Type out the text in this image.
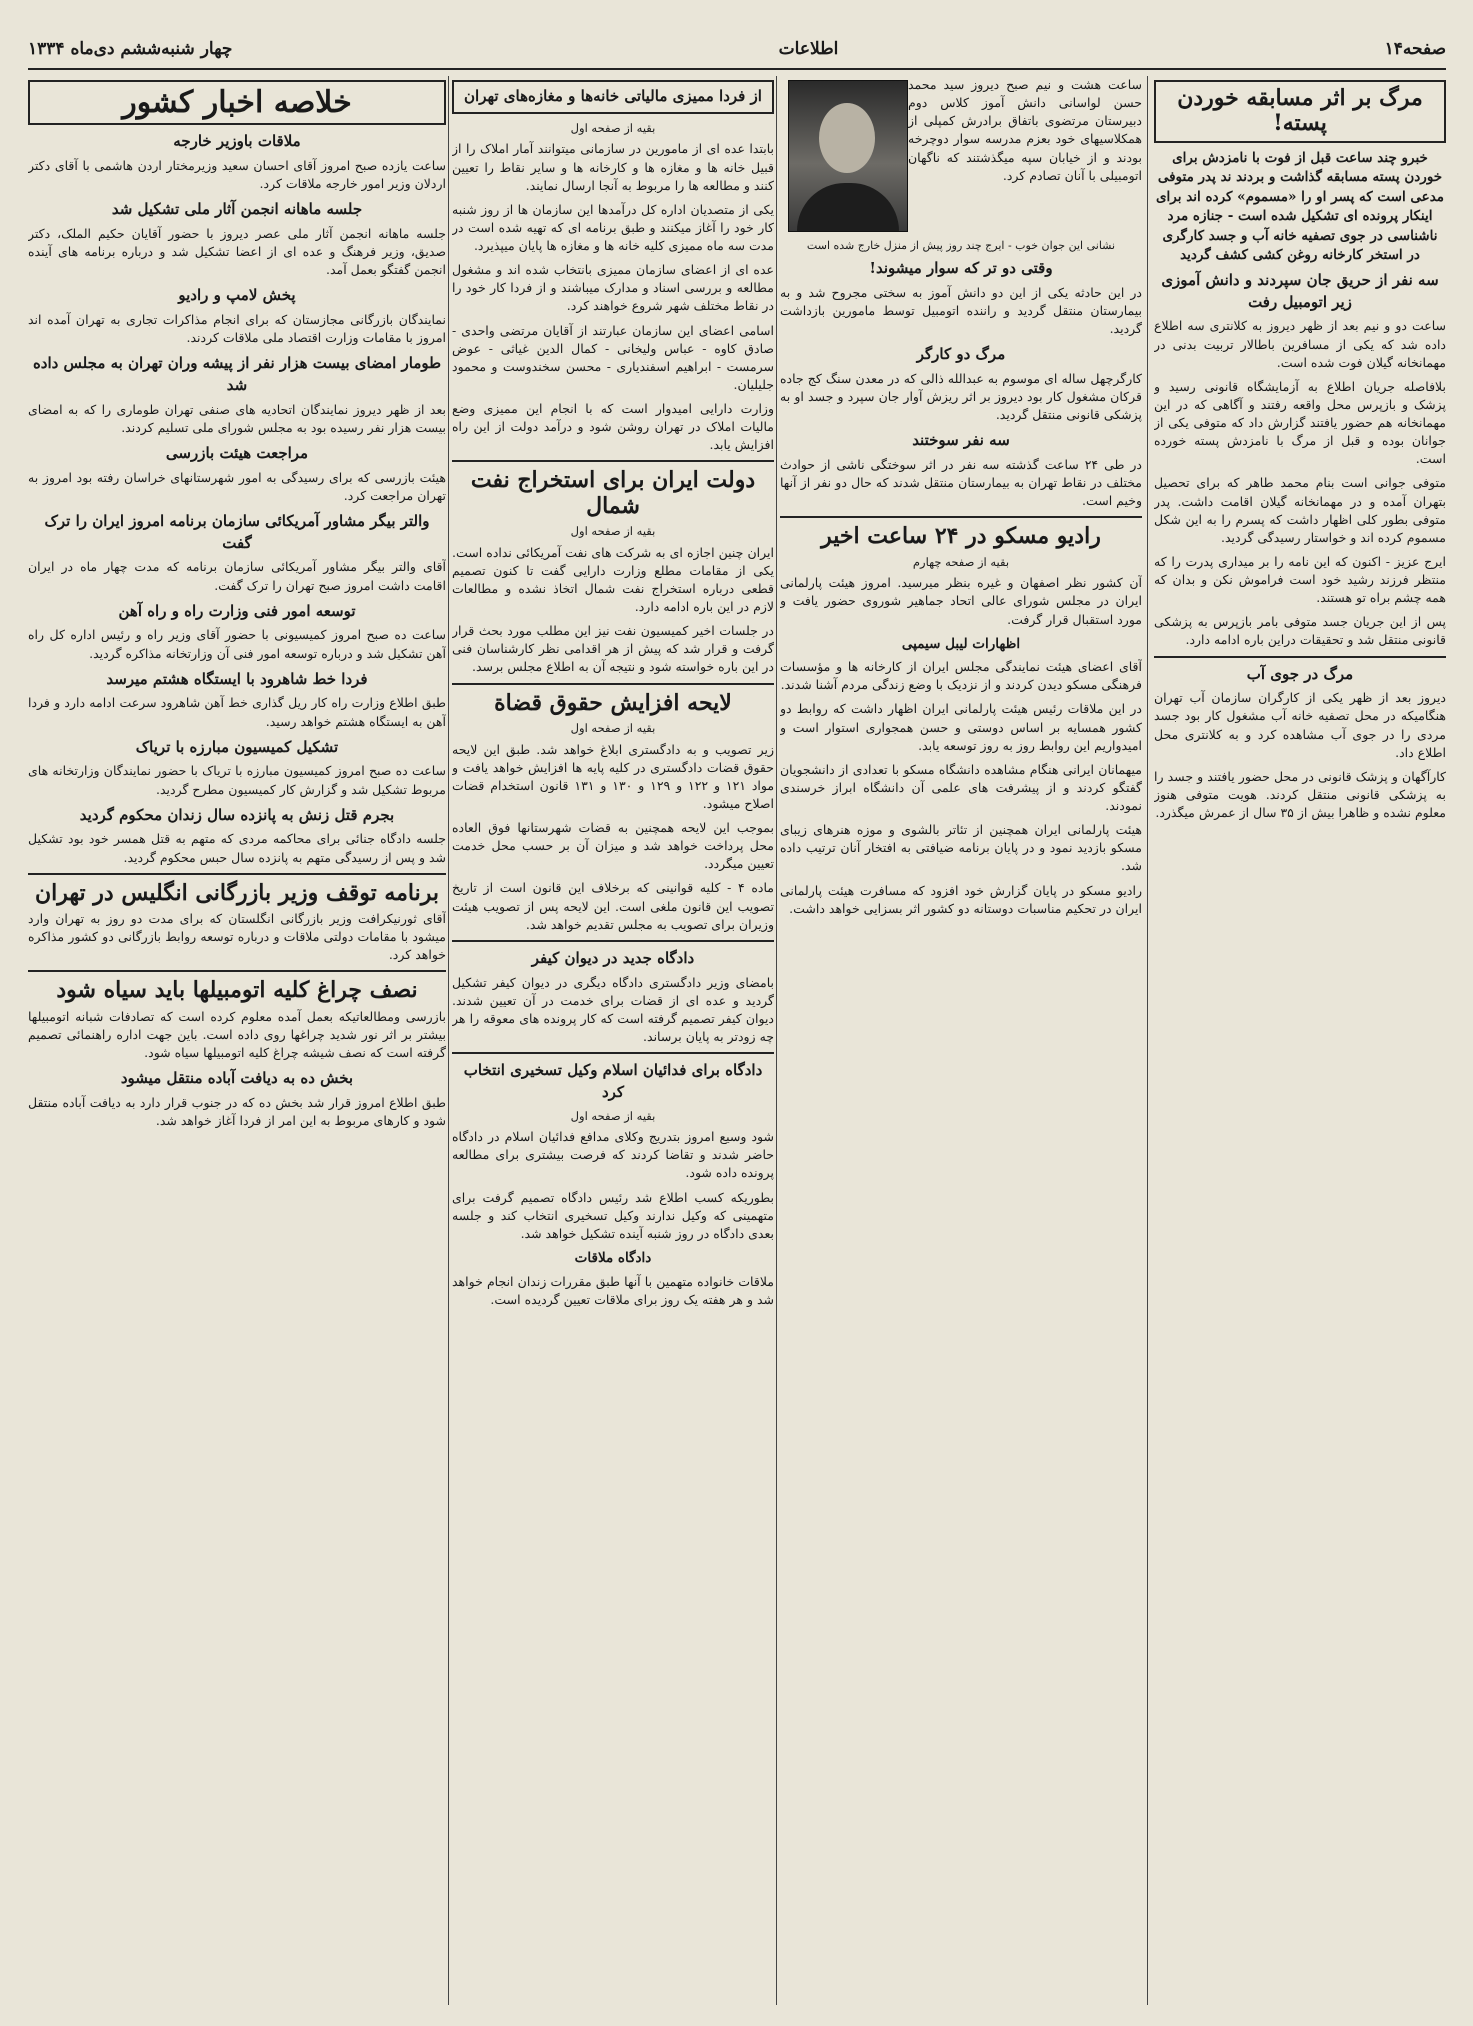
صفحه۱۴
اطلاعات
چهار شنبه‌ششم دی‌ماه ۱۳۳۴
مرگ بر اثر مسابقه خوردن پسته!
خبرو چند ساعت قبل از فوت با نامزدش برای خوردن پسته مسابقه گذاشت و بردند ند پدر متوفی مدعی است که پسر او را «مسموم» کرده اند برای اینکار پرونده ای تشکیل شده است - جنازه مرد ناشناسی در جوی تصفیه خانه آب و جسد کارگری در استخر کارخانه روغن کشی کشف گردید
سه نفر از حریق جان سپردند و دانش آموزی زیر اتومبیل رفت

ساعت دو و نیم بعد از ظهر دیروز به کلانتری سه اطلاع داده شد که یکی از مسافرین باطالار تربیت بدنی در مهمانخانه گیلان فوت شده است.

بلافاصله جریان اطلاع به آزمایشگاه قانونی رسید و پزشک و بازپرس محل واقعه رفتند و آگاهی که در این مهمانخانه هم حضور یافتند گزارش داد که متوفی یکی از جوانان بوده و قبل از مرگ با نامزدش پسته خورده است.

متوفی جوانی است بنام محمد طاهر که برای تحصیل بتهران آمده و در مهمانخانه گیلان اقامت داشت. پدر متوفی بطور کلی اظهار داشت که پسرم را به این شکل مسموم کرده اند و خواستار رسیدگی گردید.

ایرج عزیز - اکنون که این نامه را بر میداری پدرت را که منتظر فرزند رشید خود است فراموش نکن و بدان که همه چشم براه تو هستند.

پس از این جریان جسد متوفی بامر بازپرس به پزشکی قانونی منتقل شد و تحقیقات دراین باره ادامه دارد.

مرگ در جوی آب

دیروز بعد از ظهر یکی از کارگران سازمان آب تهران هنگامیکه در محل تصفیه خانه آب مشغول کار بود جسد مردی را در جوی آب مشاهده کرد و به کلانتری محل اطلاع داد.

کارآگهان و پزشک قانونی در محل حضور یافتند و جسد را به پزشکی قانونی منتقل کردند. هویت متوفی هنوز معلوم نشده و ظاهرا بیش از ۳۵ سال از عمرش میگذرد.

ساعت هشت و نیم صبح دیروز سید محمد حسن لواسانی دانش آموز کلاس دوم دبیرستان مرتضوی باتفاق برادرش کمپلی از همکلاسیهای خود بعزم مدرسه سوار دوچرخه بودند و از خیابان سپه میگذشتند که ناگهان اتومبیلی با آنان تصادم کرد.

نشانی این جوان خوب - ایرج چند روز پیش از منزل خارج شده است
وقتی دو تر که سوار میشوند!

در این حادثه یکی از این دو دانش آموز به سختی مجروح شد و به بیمارستان منتقل گردید و راننده اتومبیل توسط مامورین بازداشت گردید.

مرگ دو کارگر

کارگرچهل ساله ای موسوم به عبدالله ذالی که در معدن سنگ کج جاده قرکان مشغول کار بود دیروز بر اثر ریزش آوار جان سپرد و جسد او به پزشکی قانونی منتقل گردید.

سه نفر سوختند

در طی ۲۴ ساعت گذشته سه نفر در اثر سوختگی ناشی از حوادث مختلف در نقاط تهران به بیمارستان منتقل شدند که حال دو نفر از آنها وخیم است.

رادیو مسکو در ۲۴ ساعت اخیر
بقیه از صفحه چهارم

آن کشور نظر اصفهان و غیره بنظر میرسید. امروز هیئت پارلمانی ایران در مجلس شورای عالی اتحاد جماهیر شوروی حضور یافت و مورد استقبال قرار گرفت.

اظهارات لیبل سیمپی

آقای اعضای هیئت نمایندگی مجلس ایران از کارخانه ها و مؤسسات فرهنگی مسکو دیدن کردند و از نزدیک با وضع زندگی مردم آشنا شدند.

در این ملاقات رئیس هیئت پارلمانی ایران اظهار داشت که روابط دو کشور همسایه بر اساس دوستی و حسن همجواری استوار است و امیدواریم این روابط روز به روز توسعه یابد.

میهمانان ایرانی هنگام مشاهده دانشگاه مسکو با تعدادی از دانشجویان گفتگو کردند و از پیشرفت های علمی آن دانشگاه ابراز خرسندی نمودند.

هیئت پارلمانی ایران همچنین از تئاتر بالشوی و موزه هنرهای زیبای مسکو بازدید نمود و در پایان برنامه ضیافتی به افتخار آنان ترتیب داده شد.

رادیو مسکو در پایان گزارش خود افزود که مسافرت هیئت پارلمانی ایران در تحکیم مناسبات دوستانه دو کشور اثر بسزایی خواهد داشت.

از فردا ممیزی مالیاتی خانه‌ها و مغازه‌های تهران
بقیه از صفحه اول

بابتدا عده ای از مامورین در سازمانی میتوانند آمار املاک را از قبیل خانه ها و مغازه ها و کارخانه ها و سایر نقاط را تعیین کنند و مطالعه ها را مربوط به آنجا ارسال نمایند.

یکی از متصدیان اداره کل درآمدها این سازمان ها از روز شنبه کار خود را آغاز میکنند و طبق برنامه ای که تهیه شده است در مدت سه ماه ممیزی کلیه خانه ها و مغازه ها پایان میپذیرد.

عده ای از اعضای سازمان ممیزی بانتخاب شده اند و مشغول مطالعه و بررسی اسناد و مدارک میباشند و از فردا کار خود را در نقاط مختلف شهر شروع خواهند کرد.

اسامی اعضای این سازمان عبارتند از آقایان مرتضی واحدی - صادق کاوه - عباس ولیخانی - کمال الدین غیاثی - عوض سرمست - ابراهیم اسفندیاری - محسن سخندوست و محمود جلیلیان.

وزارت دارایی امیدوار است که با انجام این ممیزی وضع مالیات املاک در تهران روشن شود و درآمد دولت از این راه افزایش یابد.

دولت ایران برای استخراج نفت شمال
بقیه از صفحه اول

ایران چنین اجازه ای به شرکت های نفت آمریکائی نداده است. یکی از مقامات مطلع وزارت دارایی گفت تا کنون تصمیم قطعی درباره استخراج نفت شمال اتخاذ نشده و مطالعات لازم در این باره ادامه دارد.

در جلسات اخیر کمیسیون نفت نیز این مطلب مورد بحث قرار گرفت و قرار شد که پیش از هر اقدامی نظر کارشناسان فنی در این باره خواسته شود و نتیجه آن به اطلاع مجلس برسد.

لایحه افزایش حقوق قضاة
بقیه از صفحه اول

زیر تصویب و به دادگستری ابلاغ خواهد شد. طبق این لایحه حقوق قضات دادگستری در کلیه پایه ها افزایش خواهد یافت و مواد ۱۲۱ و ۱۲۲ و ۱۲۹ و ۱۳۰ و ۱۳۱ قانون استخدام قضات اصلاح میشود.

بموجب این لایحه همچنین به قضات شهرستانها فوق العاده محل پرداخت خواهد شد و میزان آن بر حسب محل خدمت تعیین میگردد.

ماده ۴ - کلیه قوانینی که برخلاف این قانون است از تاریخ تصویب این قانون ملغی است. این لایحه پس از تصویب هیئت وزیران برای تصویب به مجلس تقدیم خواهد شد.

دادگاه جدید در دیوان کیفر

بامضای وزیر دادگستری دادگاه دیگری در دیوان کیفر تشکیل گردید و عده ای از قضات برای خدمت در آن تعیین شدند. دیوان کیفر تصمیم گرفته است که کار پرونده های معوقه را هر چه زودتر به پایان برساند.

دادگاه برای فدائیان اسلام وکیل تسخیری انتخاب کرد
بقیه از صفحه اول

شود وسیع امروز بتدریج وکلای مدافع فدائیان اسلام در دادگاه حاضر شدند و تقاضا کردند که فرصت بیشتری برای مطالعه پرونده داده شود.

بطوریکه کسب اطلاع شد رئیس دادگاه تصمیم گرفت برای متهمینی که وکیل ندارند وکیل تسخیری انتخاب کند و جلسه بعدی دادگاه در روز شنبه آینده تشکیل خواهد شد.

دادگاه ملاقات

ملاقات خانواده متهمین با آنها طبق مقررات زندان انجام خواهد شد و هر هفته یک روز برای ملاقات تعیین گردیده است.

خلاصه اخبار کشور
ملاقات باوزیر خارجه

ساعت یازده صبح امروز آقای احسان سعید وزیرمختار اردن هاشمی با آقای دکتر اردلان وزیر امور خارجه ملاقات کرد.

جلسه ماهانه انجمن آثار ملی تشکیل شد

جلسه ماهانه انجمن آثار ملی عصر دیروز با حضور آقایان حکیم الملک، دکتر صدیق، وزیر فرهنگ و عده ای از اعضا تشکیل شد و درباره برنامه های آینده انجمن گفتگو بعمل آمد.

پخش لامپ و رادیو

نمایندگان بازرگانی مجازستان که برای انجام مذاکرات تجاری به تهران آمده اند امروز با مقامات وزارت اقتصاد ملی ملاقات کردند.

طومار امضای بیست هزار نفر از پیشه وران تهران به مجلس داده شد

بعد از ظهر دیروز نمایندگان اتحادیه های صنفی تهران طوماری را که به امضای بیست هزار نفر رسیده بود به مجلس شورای ملی تسلیم کردند.

مراجعت هیئت بازرسی

هیئت بازرسی که برای رسیدگی به امور شهرستانهای خراسان رفته بود امروز به تهران مراجعت کرد.

والتر بیگر مشاور آمریکائی سازمان برنامه امروز ایران را ترک گفت

آقای والتر بیگر مشاور آمریکائی سازمان برنامه که مدت چهار ماه در ایران اقامت داشت امروز صبح تهران را ترک گفت.

توسعه امور فنی وزارت راه و راه آهن

ساعت ده صبح امروز کمیسیونی با حضور آقای وزیر راه و رئیس اداره کل راه آهن تشکیل شد و درباره توسعه امور فنی آن وزارتخانه مذاکره گردید.

فردا خط شاهرود با ایستگاه هشتم میرسد

طبق اطلاع وزارت راه کار ریل گذاری خط آهن شاهرود سرعت ادامه دارد و فردا آهن به ایستگاه هشتم خواهد رسید.

تشکیل کمیسیون مبارزه با تریاک

ساعت ده صبح امروز کمیسیون مبارزه با تریاک با حضور نمایندگان وزارتخانه های مربوط تشکیل شد و گزارش کار کمیسیون مطرح گردید.

بجرم قتل زنش به پانزده سال زندان محکوم گردید

جلسه دادگاه جنائی برای محاکمه مردی که متهم به قتل همسر خود بود تشکیل شد و پس از رسیدگی متهم به پانزده سال حبس محکوم گردید.

برنامه توقف وزیر بازرگانی انگلیس در تهران

آقای ثورنیکرافت وزیر بازرگانی انگلستان که برای مدت دو روز به تهران وارد میشود با مقامات دولتی ملاقات و درباره توسعه روابط بازرگانی دو کشور مذاکره خواهد کرد.

نصف چراغ کلیه اتومبیلها باید سیاه شود

بازرسی ومطالعاتیکه بعمل آمده معلوم کرده است که تصادفات شبانه اتومبیلها بیشتر بر اثر نور شدید چراغها روی داده است. باین جهت اداره راهنمائی تصمیم گرفته است که نصف شیشه چراغ کلیه اتومبیلها سیاه شود.

بخش ده به دیافت آباده منتقل میشود

طبق اطلاع امروز قرار شد بخش ده که در جنوب قرار دارد به دیافت آباده منتقل شود و کارهای مربوط به این امر از فردا آغاز خواهد شد.
